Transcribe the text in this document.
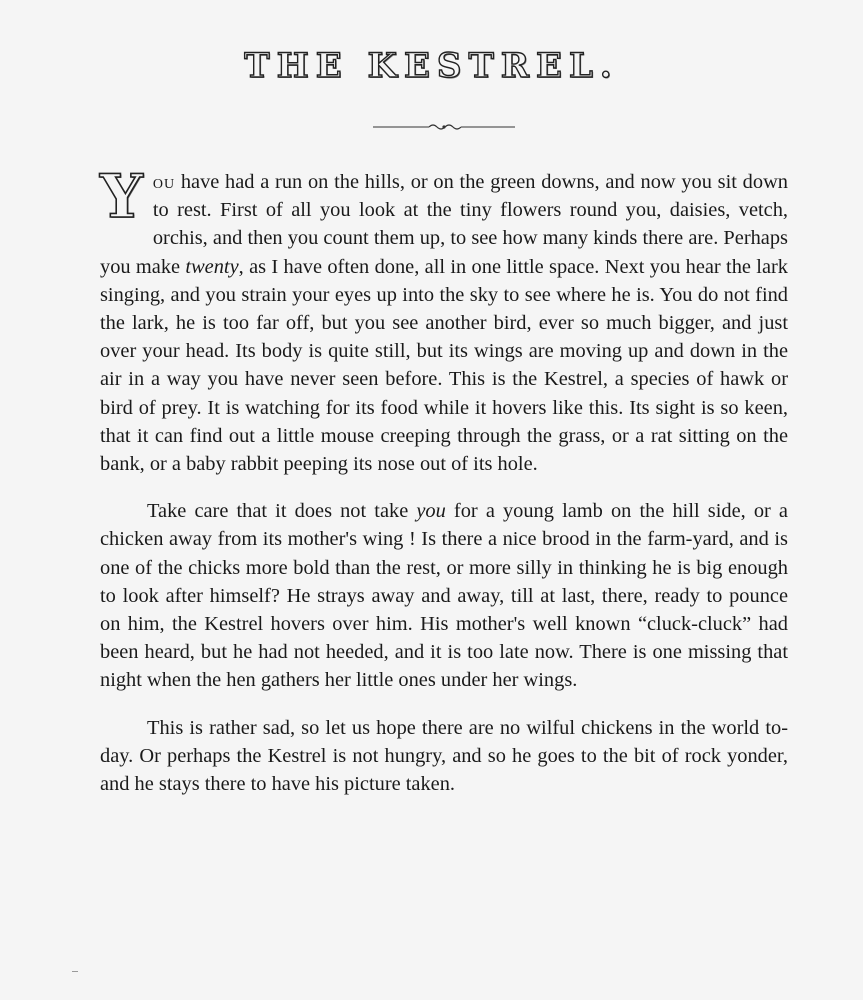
THE KESTREL.

You have had a run on the hills, or on the green downs, and now you sit down to rest. First of all you look at the tiny flowers round you, daisies, vetch, orchis, and then you count them up, to see how many kinds there are. Perhaps you make twenty, as I have often done, all in one little space. Next you hear the lark singing, and you strain your eyes up into the sky to see where he is. You do not find the lark, he is too far off, but you see another bird, ever so much bigger, and just over your head. Its body is quite still, but its wings are moving up and down in the air in a way you have never seen before. This is the Kestrel, a species of hawk or bird of prey. It is watching for its food while it hovers like this. Its sight is so keen, that it can find out a little mouse creeping through the grass, or a rat sitting on the bank, or a baby rabbit peeping its nose out of its hole.

Take care that it does not take you for a young lamb on the hill side, or a chicken away from its mother's wing ! Is there a nice brood in the farm-yard, and is one of the chicks more bold than the rest, or more silly in thinking he is big enough to look after himself? He strays away and away, till at last, there, ready to pounce on him, the Kestrel hovers over him. His mother's well known “cluck-cluck” had been heard, but he had not heeded, and it is too late now. There is one missing that night when the hen gathers her little ones under her wings.

This is rather sad, so let us hope there are no wilful chickens in the world to-day. Or perhaps the Kestrel is not hungry, and so he goes to the bit of rock yonder, and he stays there to have his picture taken.
